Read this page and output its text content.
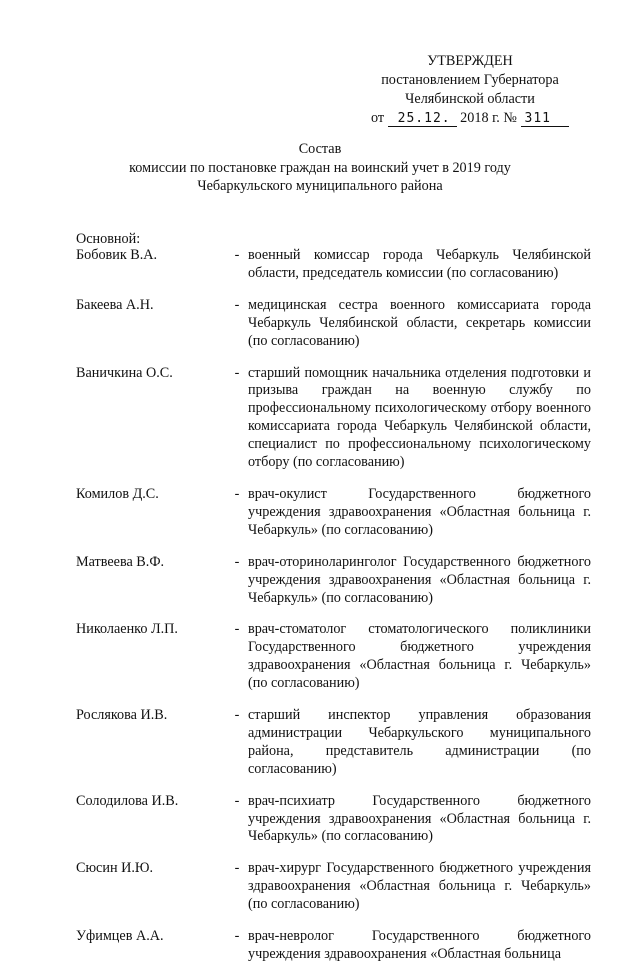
УТВЕРЖДЕН
постановлением Губернатора
Челябинской области
от 25.12. 2018 г. № 311
Состав
комиссии по постановке граждан на воинский учет в 2019 году
Чебаркульского муниципального района
Основной:
Бобовик В.А.	- военный комиссар города Чебаркуль Челябинской области, председатель комиссии (по согласованию)
Бакеева А.Н.	- медицинская сестра военного комиссариата города Чебаркуль Челябинской области, секретарь комиссии (по согласованию)
Ваничкина О.С.	- старший помощник начальника отделения подготовки и призыва граждан на военную службу по профессиональному психологическому отбору военного комиссариата города Чебаркуль Челябинской области, специалист по профессиональному психологическому отбору (по согласованию)
Комилов Д.С.	- врач-окулист Государственного бюджетного учреждения здравоохранения «Областная больница г. Чебаркуль» (по согласованию)
Матвеева В.Ф.	- врач-оториноларинголог Государственного бюджетного учреждения здравоохранения «Областная больница г. Чебаркуль» (по согласованию)
Николаенко Л.П.	- врач-стоматолог стоматологического поликлиники Государственного бюджетного учреждения здравоохранения «Областная больница г. Чебаркуль» (по согласованию)
Рослякова И.В.	- старший инспектор управления образования администрации Чебаркульского муниципального района, представитель администрации (по согласованию)
Солодилова И.В.	- врач-психиатр Государственного бюджетного учреждения здравоохранения «Областная больница г. Чебаркуль» (по согласованию)
Сюсин И.Ю.	- врач-хирург Государственного бюджетного учреждения здравоохранения «Областная больница г. Чебаркуль» (по согласованию)
Уфимцев А.А.	- врач-невролог Государственного бюджетного учреждения здравоохранения «Областная больница
